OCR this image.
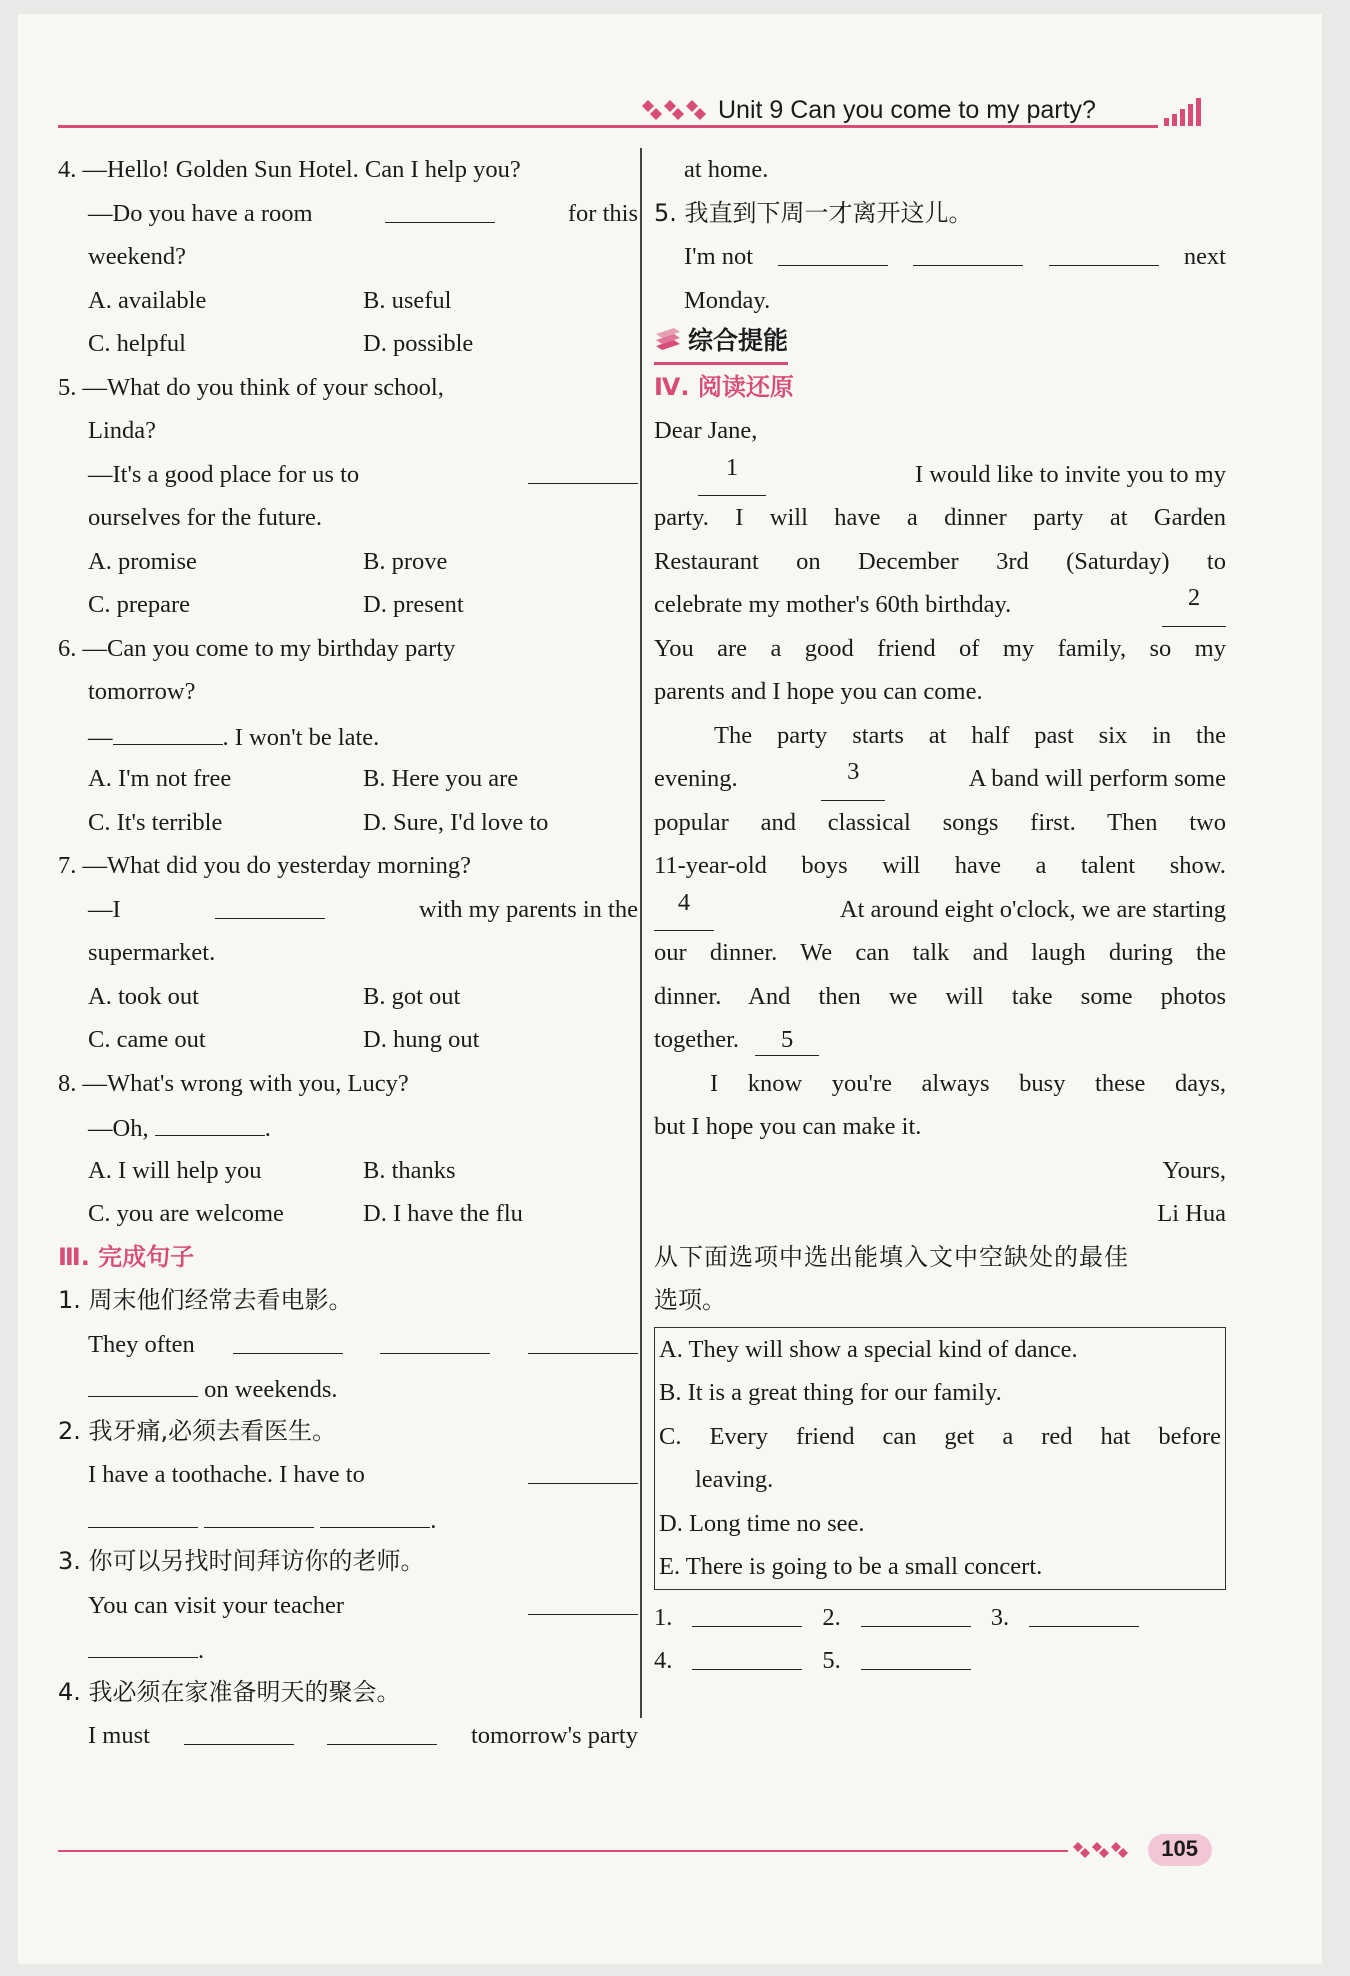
Unit 9 Can you come to my party?
4. —Hello! Golden Sun Hotel. Can I help you?
—Do you have a room	for this
weekend?
A. available	B. useful
C. helpful	D. possible
5. —What do you think of your school,
Linda?
—It's a good place for us to
ourselves for the future.
A. promise	B. prove
C. prepare	D. present
6. —Can you come to my birthday party
tomorrow?
—	. I won't be late.
A. I'm not free	B. Here you are
C. It's terrible	D. Sure, I'd love to
7. —What did you do yesterday morning?
—I	with my parents in the
supermarket.
A. took out	B. got out
C. came out	D. hung out
8. —What's wrong with you, Lucy?
—Oh,	.
A. I will help you	B. thanks
C. you are welcome	D. I have the flu
Ⅲ. 完成句子
1. 周末他们经常去看电影。
They often
on weekends.
2. 我牙痛,必须去看医生。
I have a toothache. I have to
.
3. 你可以另找时间拜访你的老师。
You can visit your teacher
.
4. 我必须在家准备明天的聚会。
I must	tomorrow's party
at home.
5. 我直到下周一才离开这儿。
I'm not	next
Monday.
综合提能
Ⅳ. 阅读还原
Dear Jane,
1	I would like to invite you to my
party. I will have a dinner party at Garden
Restaurant on December 3rd (Saturday) to
celebrate my mother's 60th birthday.	2
You are a good friend of my family, so my
parents and I hope you can come.
The party starts at half past six in the
evening.	3	A band will perform some
popular and classical songs first. Then two
11-year-old boys will have a talent show.
4	At around eight o'clock, we are starting
our dinner. We can talk and laugh during the
dinner. And then we will take some photos
together. 5
I know you're always busy these days,
but I hope you can make it.
Yours,
Li Hua
从下面选项中选出能填入文中空缺处的最佳
选项。
A. They will show a special kind of dance.
B. It is a great thing for our family.
C. Every friend can get a red hat before
leaving.
D. Long time no see.
E. There is going to be a small concert.
1.	2.	3.
4.	5.
105
